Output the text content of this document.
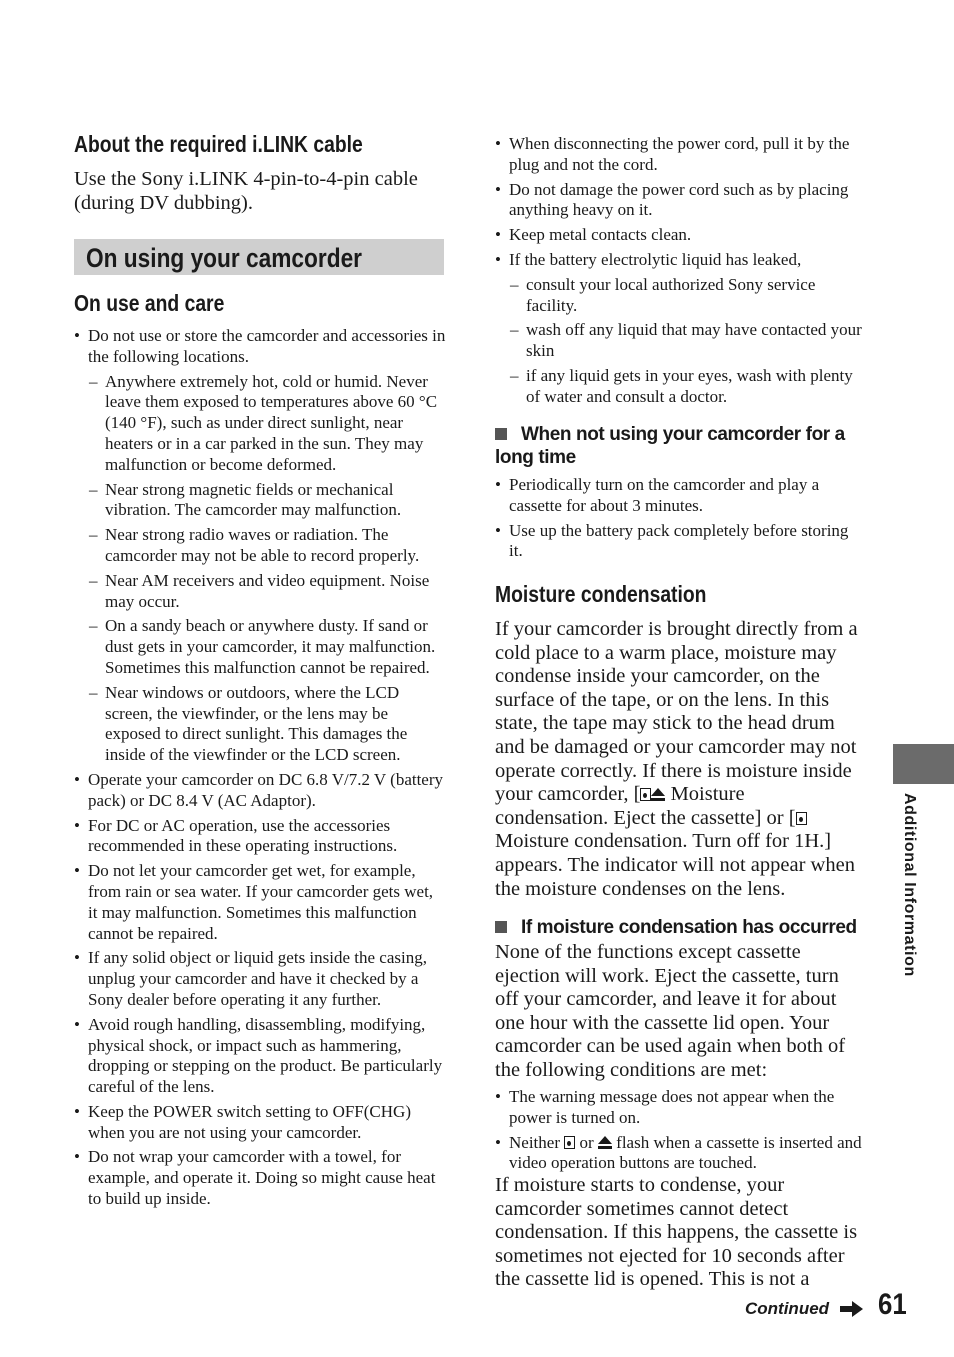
About the required i.LINK cable

Use the Sony i.LINK 4-pin-to-4-pin cable (during DV dubbing).

On use and care
• Do not use or store the camcorder and accessories in the following locations.
– Anywhere extremely hot, cold or humid. Never leave them exposed to temperatures above 60 °C (140 °F), such as under direct sunlight, near heaters or in a car parked in the sun. They may malfunction or become deformed.
– Near strong magnetic fields or mechanical vibration. The camcorder may malfunction.
– Near strong radio waves or radiation. The camcorder may not be able to record properly.
– Near AM receivers and video equipment. Noise may occur.
– On a sandy beach or anywhere dusty. If sand or dust gets in your camcorder, it may malfunction. Sometimes this malfunction cannot be repaired.
– Near windows or outdoors, where the LCD screen, the viewfinder, or the lens may be exposed to direct sunlight. This damages the inside of the viewfinder or the LCD screen.
• Operate your camcorder on DC 6.8 V/7.2 V (battery pack) or DC 8.4 V (AC Adaptor).
• For DC or AC operation, use the accessories recommended in these operating instructions.
• Do not let your camcorder get wet, for example, from rain or sea water. If your camcorder gets wet, it may malfunction. Sometimes this malfunction cannot be repaired.
• If any solid object or liquid gets inside the casing, unplug your camcorder and have it checked by a Sony dealer before operating it any further.
• Avoid rough handling, disassembling, modifying, physical shock, or impact such as hammering, dropping or stepping on the product. Be particularly careful of the lens.
• Keep the POWER switch setting to OFF(CHG) when you are not using your camcorder.
• Do not wrap your camcorder with a towel, for example, and operate it. Doing so might cause heat to build up inside.
On using your camcorder
• When disconnecting the power cord, pull it by the plug and not the cord.
• Do not damage the power cord such as by placing anything heavy on it.
• Keep metal contacts clean.
• If the battery electrolytic liquid has leaked,
– consult your local authorized Sony service facility.
– wash off any liquid that may have contacted your skin
– if any liquid gets in your eyes, wash with plenty of water and consult a doctor.
When not using your camcorder for a long time
• Periodically turn on the camcorder and play a cassette for about 3 minutes.
• Use up the battery pack completely before storing it.
Moisture condensation

If your camcorder is brought directly from a cold place to a warm place, moisture may condense inside your camcorder, on the surface of the tape, or on the lens. In this state, the tape may stick to the head drum and be damaged or your camcorder may not operate correctly. If there is moisture inside your camcorder, [ Moisture condensation. Eject the cassette] or [ Moisture condensation. Turn off for 1H.] appears. The indicator will not appear when the moisture condenses on the lens.

If moisture condensation has occurred

None of the functions except cassette ejection will work. Eject the cassette, turn off your camcorder, and leave it for about one hour with the cassette lid open. Your camcorder can be used again when both of the following conditions are met:

• The warning message does not appear when the power is turned on.
• Neither  or  flash when a cassette is inserted and video operation buttons are touched.

If moisture starts to condense, your camcorder sometimes cannot detect condensation. If this happens, the cassette is sometimes not ejected for 10 seconds after the cassette lid is opened. This is not a

Additional Information
Continued 61
